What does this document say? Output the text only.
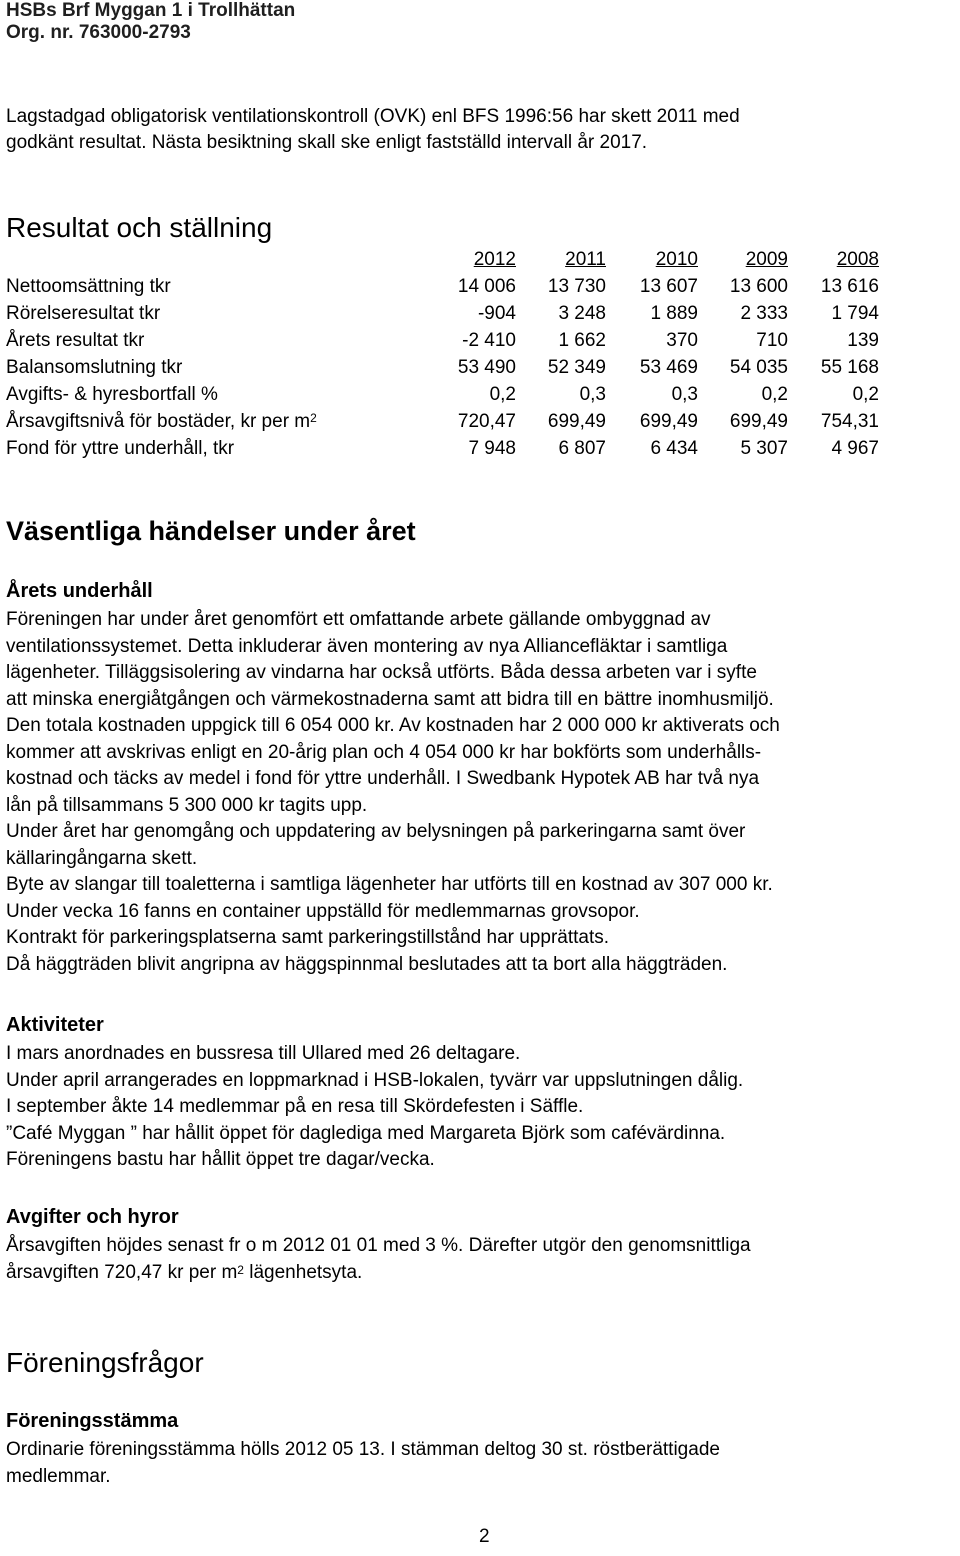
HSBs Brf Myggan 1 i Trollhättan
Org. nr. 763000-2793
Lagstadgad obligatorisk ventilationskontroll (OVK) enl BFS 1996:56 har skett 2011 med
godkänt resultat. Nästa besiktning skall ske enligt fastställd intervall år 2017.
Resultat och ställning
	2012	2011	2010	2009	2008
Nettoomsättning tkr	14 006	13 730	13 607	13 600	13 616
Rörelseresultat tkr	-904	3 248	1 889	2 333	1 794
Årets resultat tkr	-2 410	1 662	370	710	139
Balansomslutning tkr	53 490	52 349	53 469	54 035	55 168
Avgifts- & hyresbortfall %	0,2	0,3	0,3	0,2	0,2
Årsavgiftsnivå för bostäder, kr per $m^2$	720,47	699,49	699,49	699,49	754,31
Fond för yttre underhåll, tkr	7 948	6 807	6 434	5 307	4 967
Väsentliga händelser under året
Årets underhåll
Föreningen har under året genomfört ett omfattande arbete gällande ombyggnad av
ventilationssystemet. Detta inkluderar även montering av nya Alliancefläktar i samtliga
lägenheter. Tilläggsisolering av vindarna har också utförts. Båda dessa arbeten var i syfte
att minska energiåtgången och värmekostnaderna samt att bidra till en bättre inomhusmiljö.
Den totala kostnaden uppgick till 6 054 000 kr. Av kostnaden har 2 000 000 kr aktiverats och
kommer att avskrivas enligt en 20-årig plan och 4 054 000 kr har bokförts som underhålls-
kostnad och täcks av medel i fond för yttre underhåll. I Swedbank Hypotek AB har två nya
lån på tillsammans 5 300 000 kr tagits upp.
Under året har genomgång och uppdatering av belysningen på parkeringarna samt över
källaringångarna skett.
Byte av slangar till toaletterna i samtliga lägenheter har utförts till en kostnad av 307 000 kr.
Under vecka 16 fanns en container uppställd för medlemmarnas grovsopor.
Kontrakt för parkeringsplatserna samt parkeringstillstånd har upprättats.
Då häggträden blivit angripna av häggspinnmal beslutades att ta bort alla häggträden.
Aktiviteter
I mars anordnades en bussresa till Ullared med 26 deltagare.
Under april arrangerades en loppmarknad i HSB-lokalen, tyvärr var uppslutningen dålig.
I september åkte 14 medlemmar på en resa till Skördefesten i Säffle.
”Café Myggan ” har hållit öppet för daglediga med Margareta Björk som cafévärdinna.
Föreningens bastu har hållit öppet tre dagar/vecka.
Avgifter och hyror
Årsavgiften höjdes senast fr o m 2012 01 01 med 3 %. Därefter utgör den genomsnittliga
årsavgiften 720,47 kr per $m^2$ lägenhetsyta.
Föreningsfrågor
Föreningsstämma
Ordinarie föreningsstämma hölls 2012 05 13. I stämman deltog 30 st. röstberättigade
medlemmar.
2
